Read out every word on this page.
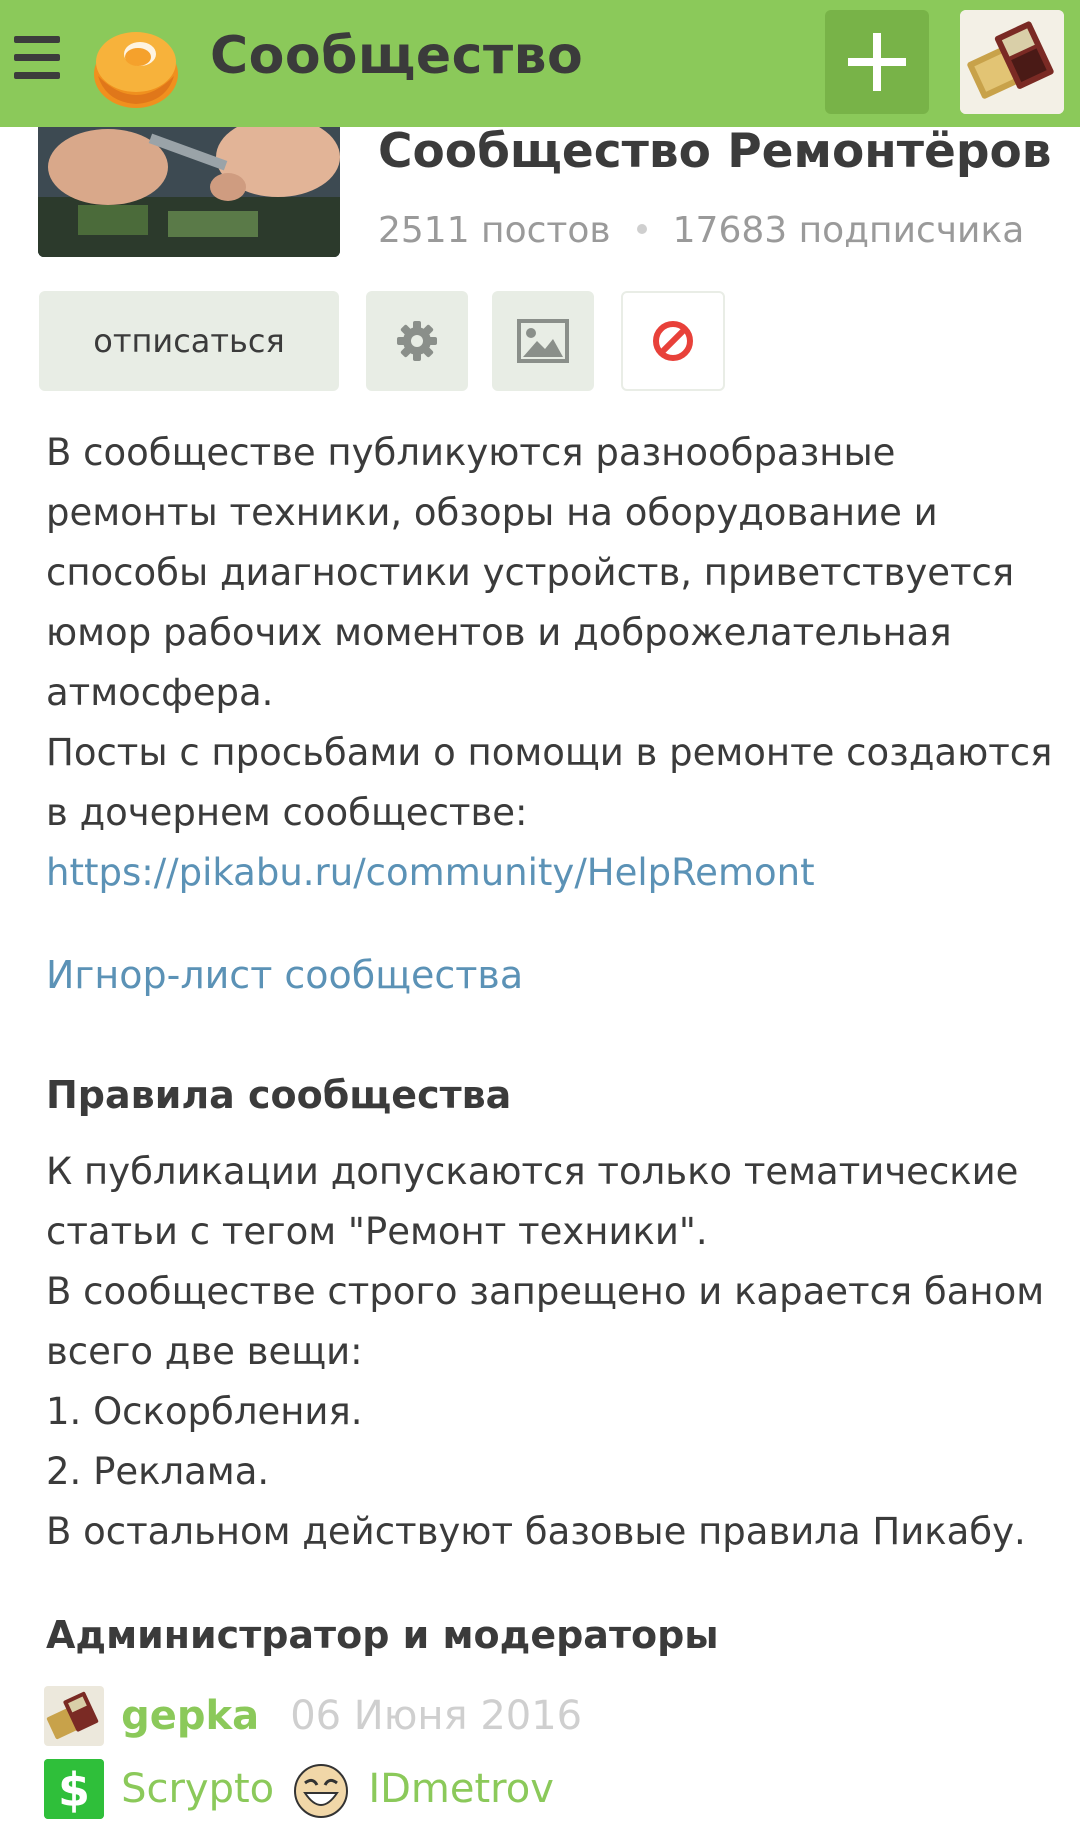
Сообщество
Сообщество Ремонтёров
2511 постов 17683 подписчика
отписаться

В сообществе публикуются разнообразные ремонты техники, обзоры на оборудование и способы диагностики устройств, приветствуется юмор рабочих моментов и доброжелательная атмосфера.

Посты с просьбами о помощи в ремонте создаются в дочернем сообществе:

https://pikabu.ru/community/HelpRemont

Игнор-лист сообщества
Правила сообщества

К публикации допускаются только тематические статьи с тегом "Ремонт техники".

В сообществе строго запрещено и карается баном всего две вещи:

1. Оскорбления.

2. Реклама.

В остальном действуют базовые правила Пикабу.

Администратор и модераторы
gepka 06 Июня 2016
$ Scrypto IDmetrov
